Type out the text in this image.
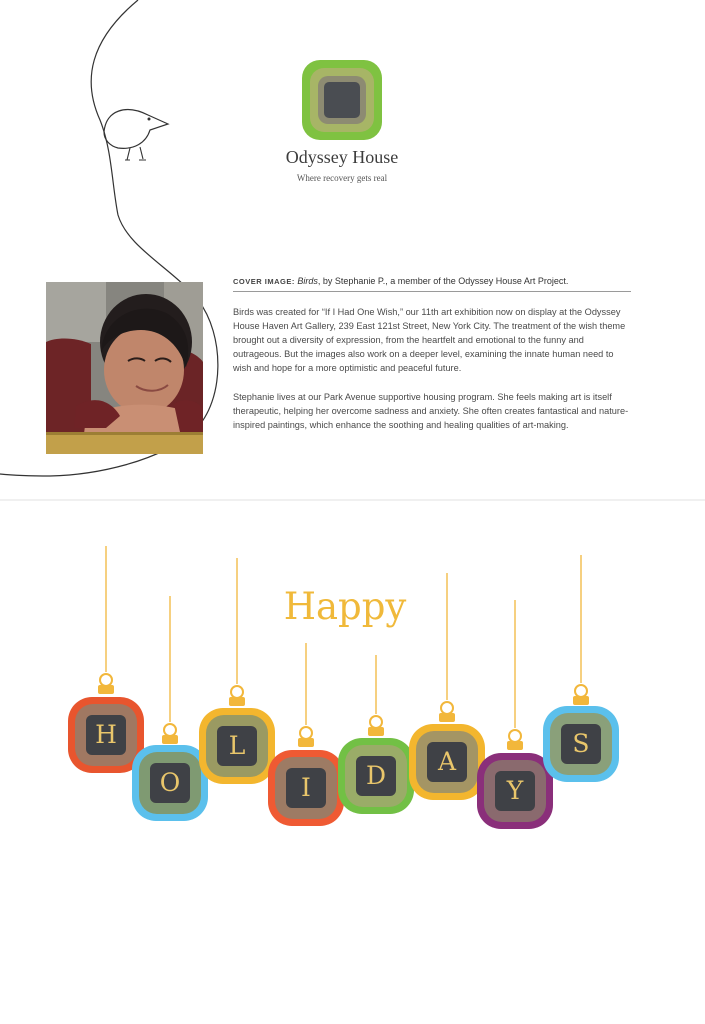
Odyssey House
Where recovery gets real
COVER IMAGE: Birds, by Stephanie P., a member of the Odyssey House Art Project.

Birds was created for “If I Had One Wish,” our 11th art exhibition now on display at the Odyssey House Haven Art Gallery, 239 East 121st Street, New York City. The treatment of the wish theme brought out a diversity of expression, from the heartfelt and emotional to the funny and outrageous. But the images also work on a deeper level, examining the innate human need to wish and hope for a more optimistic and peaceful future.

Stephanie lives at our Park Avenue supportive housing program. She feels making art is itself therapeutic, helping her overcome sadness and anxiety. She often creates fantastical and nature-inspired paintings, which enhance the soothing and healing qualities of art-making.

Happy
H
O
L
I	D	A
Y
S
